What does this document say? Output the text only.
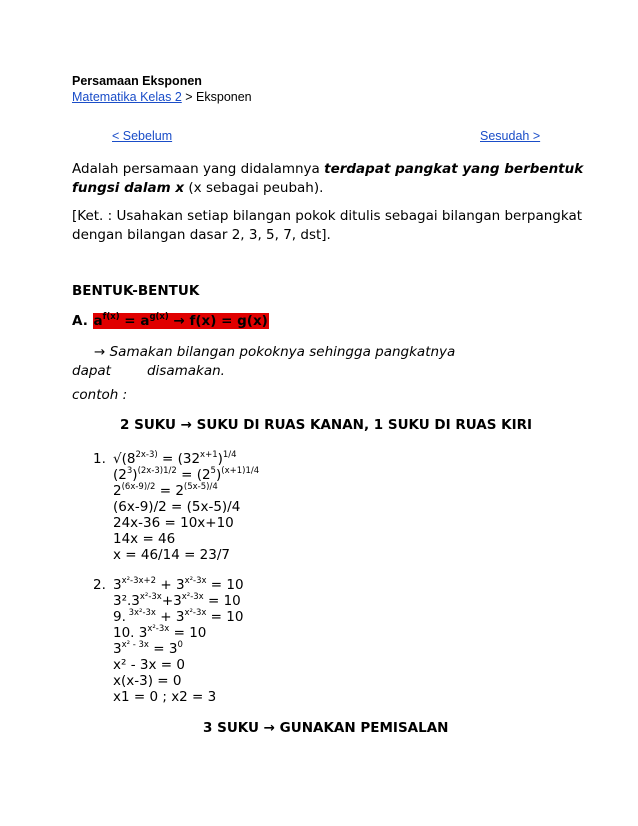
Persamaan Eksponen
Matematika Kelas 2 > Eksponen
< Sebelum	Sesudah >
Adalah persamaan yang didalamnya terdapat pangkat yang berbentuk
fungsi dalam x (x sebagai peubah).
[Ket. : Usahakan setiap bilangan pokok ditulis sebagai bilangan berpangkat
dengan bilangan dasar 2, 3, 5, 7, dst].
BENTUK-BENTUK
A. $a^{f(x)} = a^{g(x)} \to f(x) = g(x)$
→ Samakan bilangan pokoknya sehingga pangkatnya
dapat	disamakan.
contoh :
2 SUKU → SUKU DI RUAS KANAN, 1 SUKU DI RUAS KIRI
1. $√(8^{2x-3)} = (32^{x+1})^{1/4}$
$(2^3)^{(2x-3)1/2} = (2^5)^{(x+1)1/4}$
$2^{(6x-9)/2} = 2^{(5x-5)/4}$
(6x-9)/2 = (5x-5)/4
24x-36 = 10x+10
14x = 46
x = 46/14 = 23/7
2. $3^{x^2-3x+2} + 3^{x^2-3x} = 10$
$3^2.3^{x^2-3x}+3^{x^2-3x} = 10$
9. $^{3x^2-3x} + 3^{x^2-3x} = 10$
10. $3^{x^2-3x} = 10$
$3^{x^2 - 3x} = 3^0$
x² - 3x = 0
x(x-3) = 0
x1 = 0 ; x2 = 3
3 SUKU → GUNAKAN PEMISALAN
